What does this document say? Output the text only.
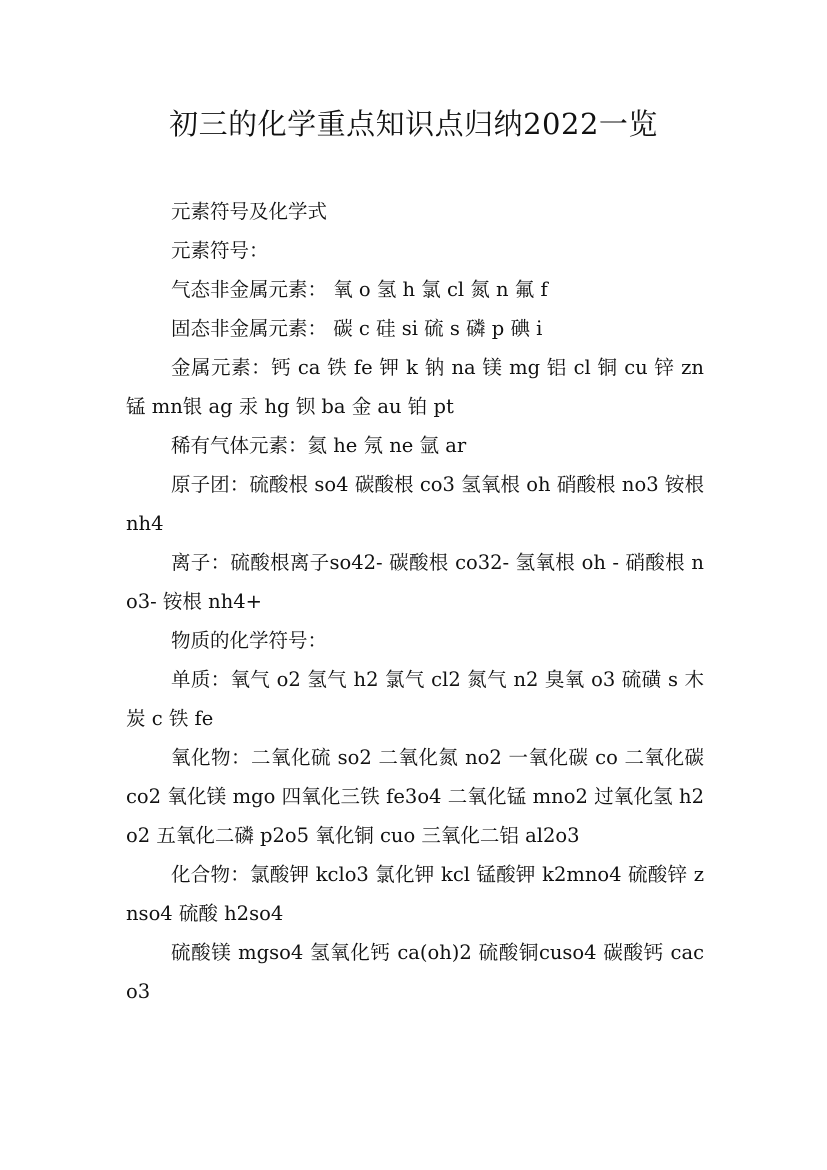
初三的化学重点知识点归纳2022一览

元素符号及化学式

元素符号：

气态非金属元素： 氧 o 氢 h 氯 cl 氮 n 氟 f

固态非金属元素： 碳 c 硅 si 硫 s 磷 p 碘 i

金属元素：钙 ca 铁 fe 钾 k 钠 na 镁 mg 铝 cl 铜 cu 锌 zn 锰 mn银 ag 汞 hg 钡 ba 金 au 铂 pt

稀有气体元素：氦 he 氖 ne 氩 ar

原子团：硫酸根 so4 碳酸根 co3 氢氧根 oh 硝酸根 no3 铵根 nh4

离子：硫酸根离子so42- 碳酸根 co32- 氢氧根 oh - 硝酸根 no3- 铵根 nh4+

物质的化学符号：

单质：氧气 o2 氢气 h2 氯气 cl2 氮气 n2 臭氧 o3 硫磺 s 木炭 c 铁 fe

氧化物：二氧化硫 so2 二氧化氮 no2 一氧化碳 co 二氧化碳 co2 氧化镁 mgo 四氧化三铁 fe3o4 二氧化锰 mno2 过氧化氢 h2o2 五氧化二磷 p2o5 氧化铜 cuo 三氧化二铝 al2o3

化合物：氯酸钾 kclo3 氯化钾 kcl 锰酸钾 k2mno4 硫酸锌 znso4 硫酸 h2so4

硫酸镁 mgso4 氢氧化钙 ca(oh)2 硫酸铜cuso4 碳酸钙 caco3
